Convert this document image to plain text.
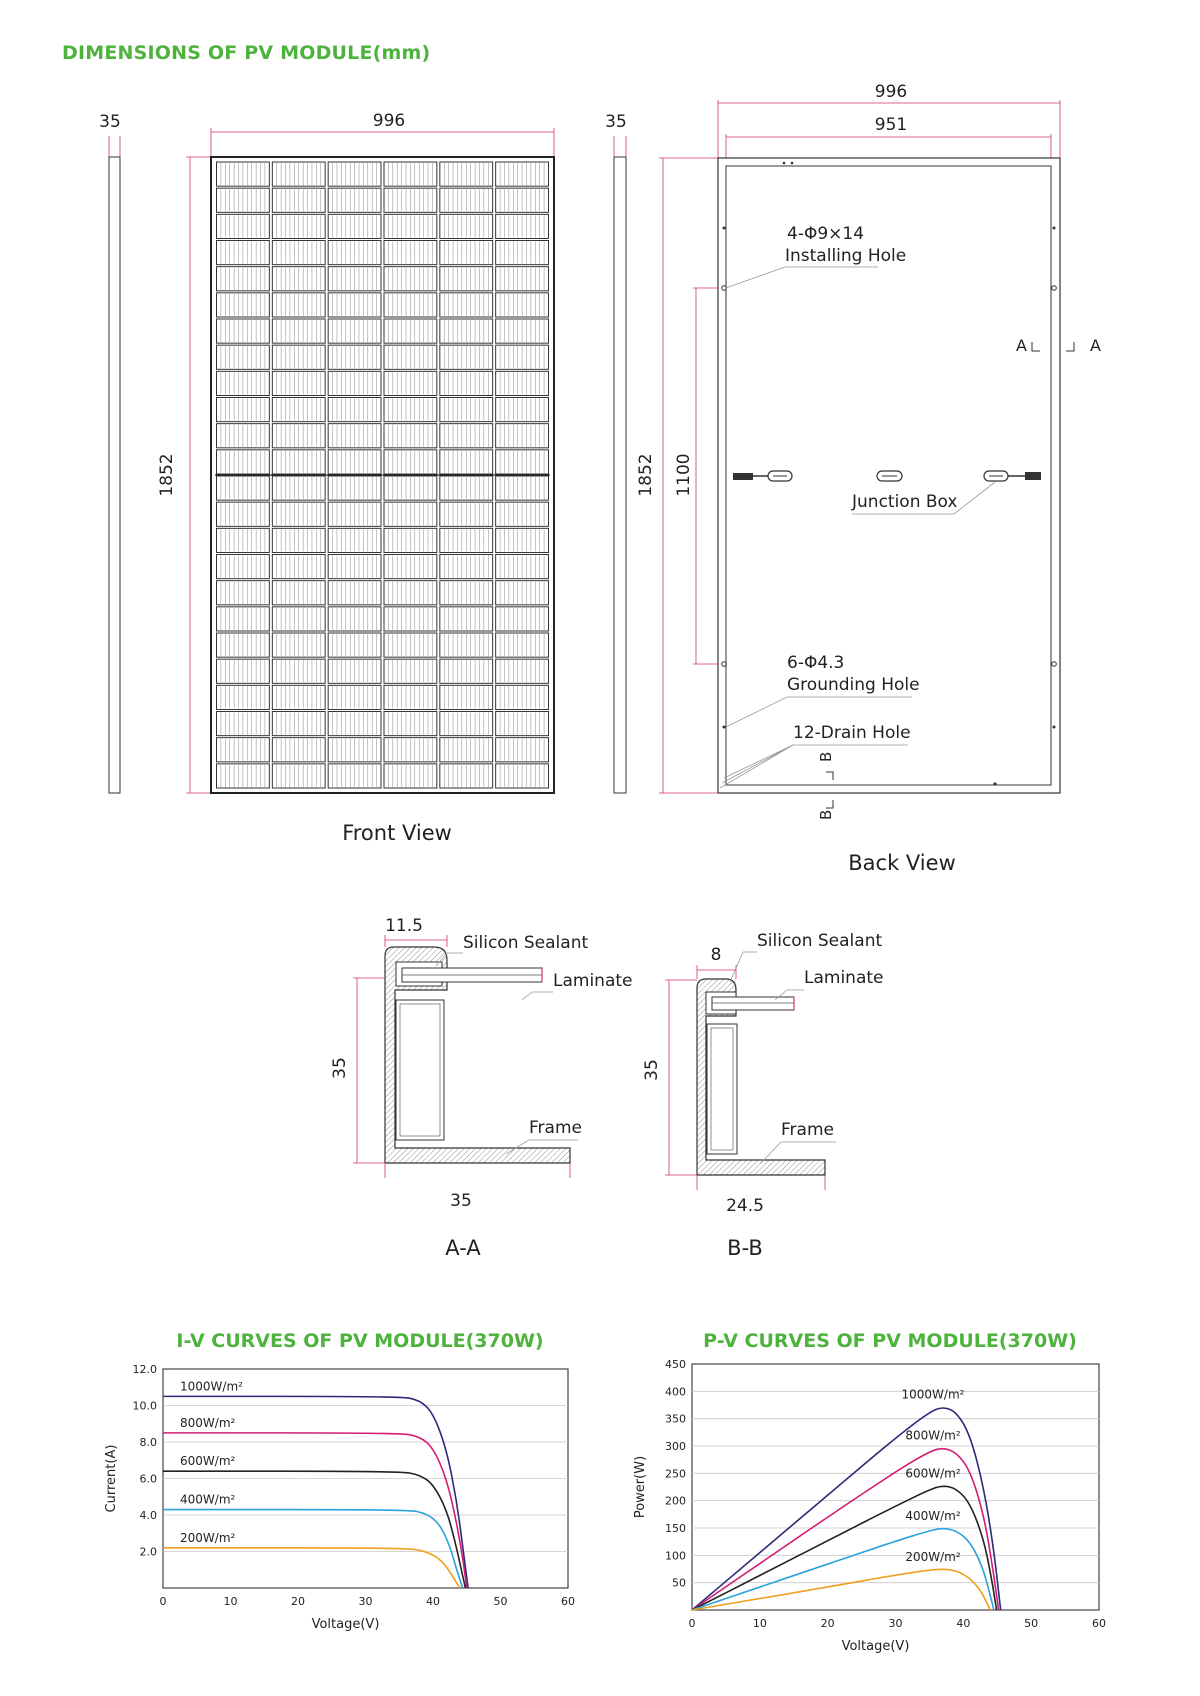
DIMENSIONS OF PV MODULE(mm)
35	996
1852
Front View
35
996
951
1852 1100
4-Φ9×14
Installing Hole
A	A
Junction Box
6-Φ4.3
Grounding Hole
12-Drain Hole
B
B
Back View
11.5
35
35
Silicon Sealant
Laminate
Frame
A-A
8
35
24.5
Silicon Sealant
Laminate
Frame
B-B
2.0
4.0
6.0
8.0
10.0
12.0
0	10	20	30	40	50	60
Voltage(V)
Current(A)
1000W/m²
800W/m²
600W/m²
400W/m²
200W/m²
50
100
150
200
250
300
350
400
450
0	10	20	30	40	50	60
Voltage(V)
Power(W)
1000W/m²
800W/m²
600W/m²
400W/m²
200W/m²
I-V CURVES OF PV MODULE(370W)	P-V CURVES OF PV MODULE(370W)
